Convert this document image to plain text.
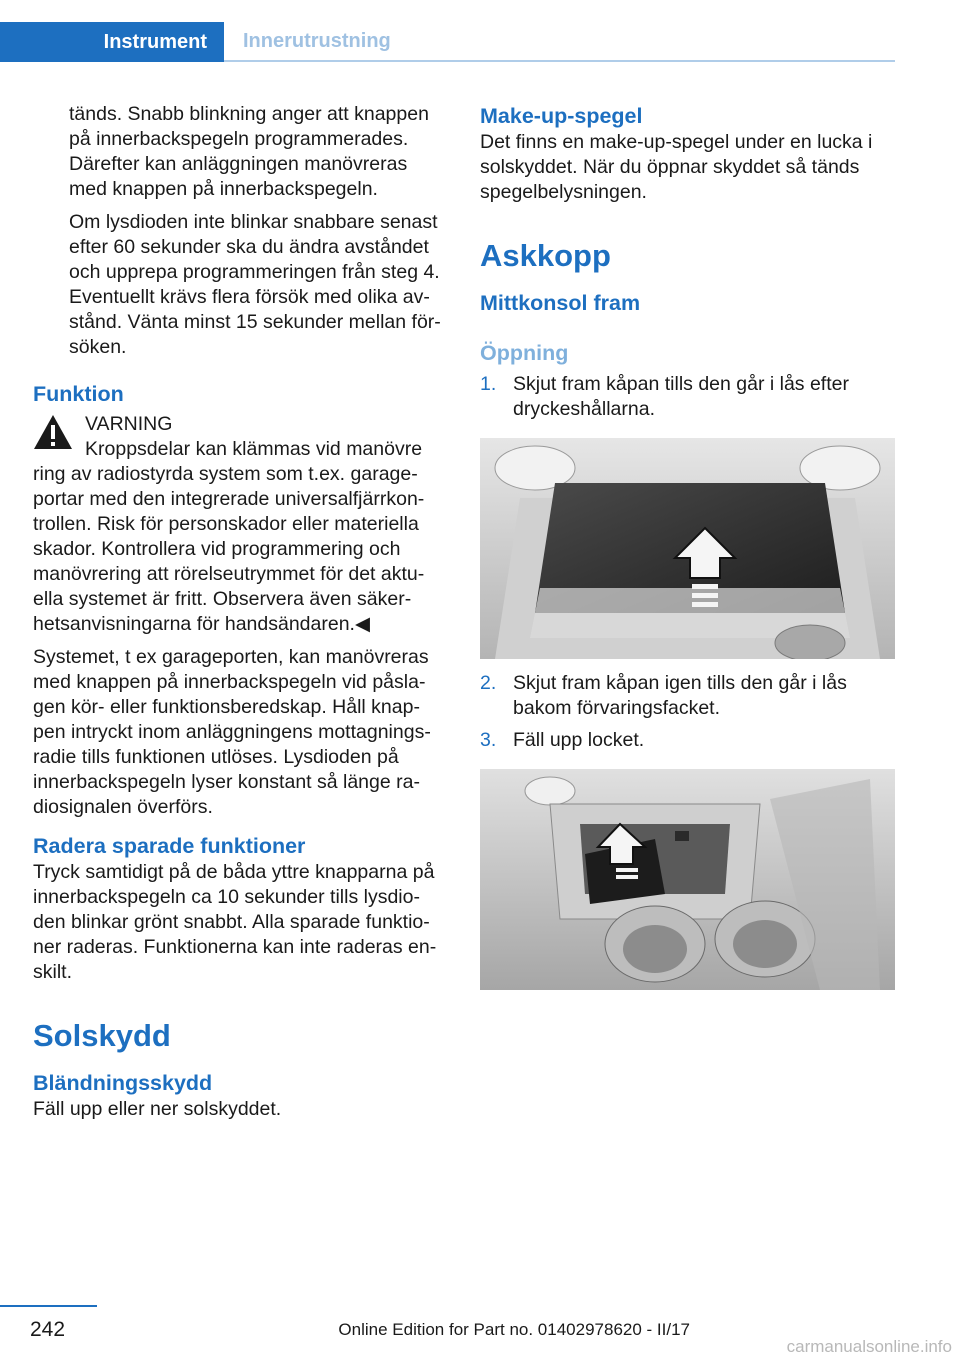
Instrument	Innerutrustning

tänds. Snabb blinkning anger att knappen på innerbackspegeln programmerades. Därefter kan anläggningen manövreras med knappen på innerbackspegeln.

Om lysdioden inte blinkar snabbare senast efter 60 sekunder ska du ändra avståndet och upprepa programmeringen från steg 4. Eventuellt krävs flera försök med olika avstånd. Vänta minst 15 sekunder mellan försöken.

Funktion
VARNING

Kroppsdelar kan klämmas vid manövre

ring av radiostyrda system som t.ex. garageportar med den integrerade universalfjärrkontrollen. Risk för personskador eller materiella skador. Kontrollera vid programmering och manövrering att rörelseutrymmet för det aktuella systemet är fritt. Observera även säkerhetsanvisningarna för handsändaren.◀

Systemet, t ex garageporten, kan manövreras med knappen på innerbackspegeln vid påslagen kör- eller funktionsberedskap. Håll knappen intryckt inom anläggningens mottagningsradie tills funktionen utlöses. Lysdioden på innerbackspegeln lyser konstant så länge radiosignalen överförs.

Radera sparade funktioner

Tryck samtidigt på de båda yttre knapparna på innerbackspegeln ca 10 sekunder tills lysdioden blinkar grönt snabbt. Alla sparade funktioner raderas. Funktionerna kan inte raderas enskilt.

Solskydd
Bländningsskydd

Fäll upp eller ner solskyddet.

Make-up-spegel

Det finns en make-up-spegel under en lucka i solskyddet. När du öppnar skyddet så tänds spegelbelysningen.

Askkopp
Mittkonsol fram
Öppning
1. Skjut fram kåpan tills den går i lås efter dryckeshållarna.
2. Skjut fram kåpan igen tills den går i lås bakom förvaringsfacket.
3. Fäll upp locket.
242	Online Edition for Part no. 01402978620 - II/17
carmanualsonline.info
